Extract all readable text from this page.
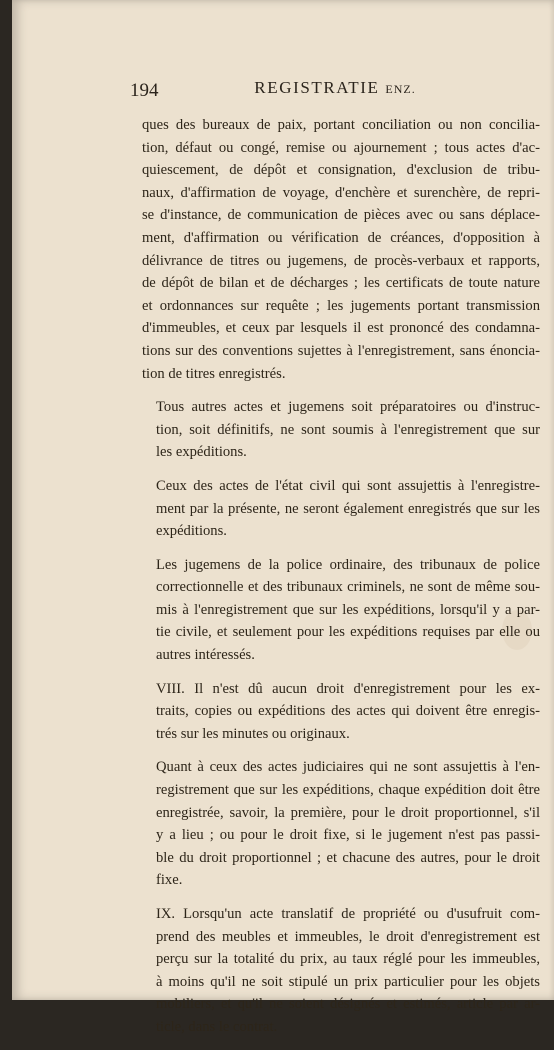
194	REGISTRATIE ENZ.

ques des bureaux de paix, portant conciliation ou non concilia-
tion, défaut ou congé, remise ou ajournement ; tous actes d'ac-
quiescement, de dépôt et consignation, d'exclusion de tribu-
naux, d'affirmation de voyage, d'enchère et surenchère, de repri-
se d'instance, de communication de pièces avec ou sans déplace-
ment, d'affirmation ou vérification de créances, d'opposition à
délivrance de titres ou jugemens, de procès-verbaux et rapports,
de dépôt de bilan et de décharges ; les certificats de toute nature
et ordonnances sur requête ; les jugements portant transmission
d'immeubles, et ceux par lesquels il est prononcé des condamna-
tions sur des conventions sujettes à l'enregistrement, sans énoncia-
tion de titres enregistrés.

Tous autres actes et jugemens soit préparatoires ou d'instruc-
tion, soit définitifs, ne sont soumis à l'enregistrement que sur
les expéditions.

Ceux des actes de l'état civil qui sont assujettis à l'enregistre-
ment par la présente, ne seront également enregistrés que sur les
expéditions.

Les jugemens de la police ordinaire, des tribunaux de police
correctionnelle et des tribunaux criminels, ne sont de même sou-
mis à l'enregistrement que sur les expéditions, lorsqu'il y a par-
tie civile, et seulement pour les expéditions requises par elle ou
autres intéressés.

VIII. Il n'est dû aucun droit d'enregistrement pour les ex-
traits, copies ou expéditions des actes qui doivent être enregis-
trés sur les minutes ou originaux.

Quant à ceux des actes judiciaires qui ne sont assujettis à l'en-
registrement que sur les expéditions, chaque expédition doit être
enregistrée, savoir, la première, pour le droit proportionnel, s'il
y a lieu ; ou pour le droit fixe, si le jugement n'est pas passi-
ble du droit proportionnel ; et chacune des autres, pour le droit
fixe.

IX. Lorsqu'un acte translatif de propriété ou d'usufruit com-
prend des meubles et immeubles, le droit d'enregistrement est
perçu sur la totalité du prix, au taux réglé pour les immeubles,
à moins qu'il ne soit stipulé un prix particulier pour les objets
mobiliers, et qu'il ne soient désignés et estimés, article par ar-
ticle, dans le contrat.
